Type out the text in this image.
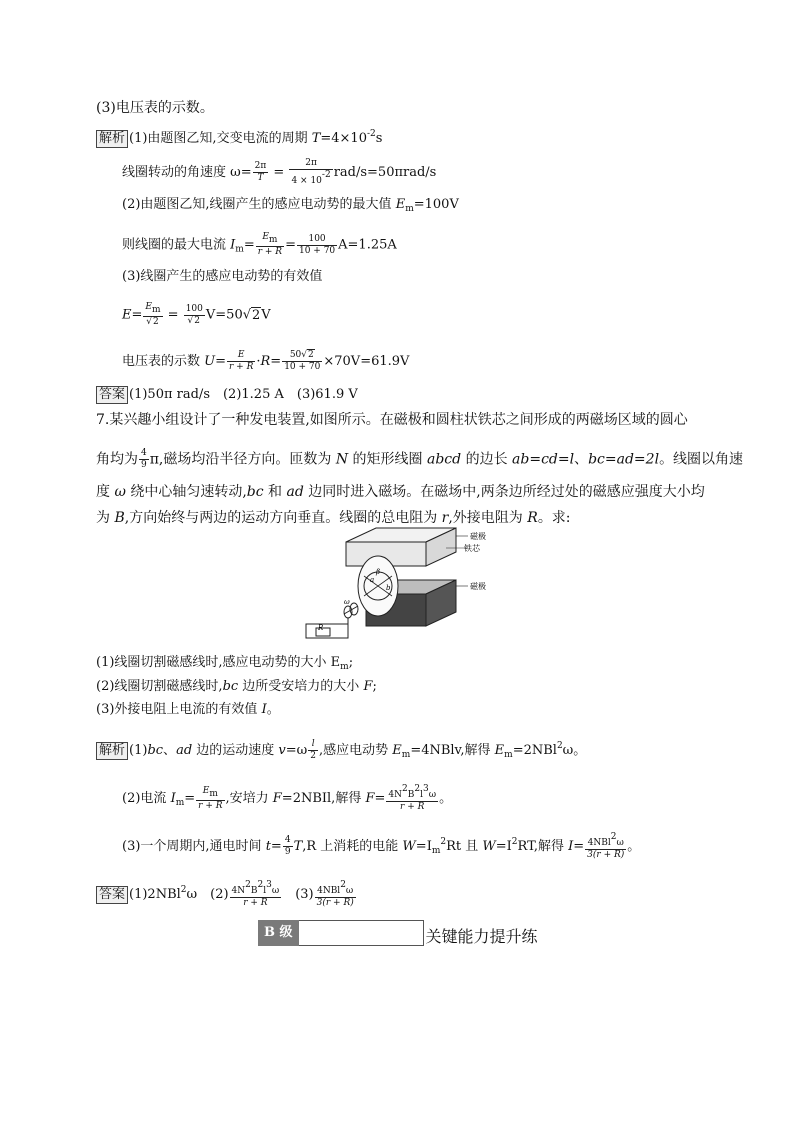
(3)电压表的示数。
解析 (1)由题图乙知,交变电流的周期 $T=4\times 10^{-2}s$
线圈转动的角速度 $\omega= \frac{2\pi}{T} = \frac{2\pi}{4 \times 10-2} rad/s=50\pi rad/s$
(2)由题图乙知,线圈产生的感应电动势的最大值 $E_m=100V$
则线圈的最大电流 $I_m= \frac{Em}{r + R} = \frac{100}{10 + 70} A=1.25A$
(3)线圈产生的感应电动势的有效值
$E= \frac{Em}{√2} = \frac{100}{√2} V=50√2V$
电压表的示数 $U= \frac{E}{r + R} \cdot R= \frac{50√2}{10 + 70} \times 70V=61.9V$
答案 (1)50π rad/s　(2)1.25 A　(3)61.9 V
7.某兴趣小组设计了一种发电装置,如图所示。在磁极和圆柱状铁芯之间形成的两磁场区域的圆心
角均为 $\frac{4}{9} \pi$,磁场均沿半径方向。匝数为 N 的矩形线圈 abcd 的边长 ab=cd=l、bc=ad=2l。线圈以角速
度 ω 绕中心轴匀速转动,bc 和 ad 边同时进入磁场。在磁场中,两条边所经过处的磁感应强度大小均
为 B,方向始终与两边的运动方向垂直。线圈的总电阻为 r,外接电阻为 R。求:
a
b
β
ω
R
磁极
铁芯
磁极
(1)线圈切割磁感线时,感应电动势的大小 $E_m$;
(2)线圈切割磁感线时,bc 边所受安培力的大小 F;
(3)外接电阻上电流的有效值 I。
解析 (1)bc、ad 边的运动速度 $v=\omega \frac{l}{2}$ ,感应电动势 $E_m=4NBlv$,解得 $E_m=2NBl^2\omega$。
(2)电流 $I_m= \frac{Em}{r + R}$ ,安培力 F=2NBIl,解得 $F= \frac{4N2B2l3\omega}{r + R}$ 。
(3)一个周期内,通电时间 $t= \frac{4}{9} T,R$ 上消耗的电能 $W=I_m^2Rt$ 且 $W=I^2RT$,解得 $I= \frac{\text{4NBl2ω}}{3(r + R)}$ 。
答案 (1)2NBl$^2$ω　$(2) \frac{4N2B2l3\omega}{r + R}$ 　$(3) \frac{\text{4NBl2ω}}{3(r + R)}$
B 级	关键能力提升练
